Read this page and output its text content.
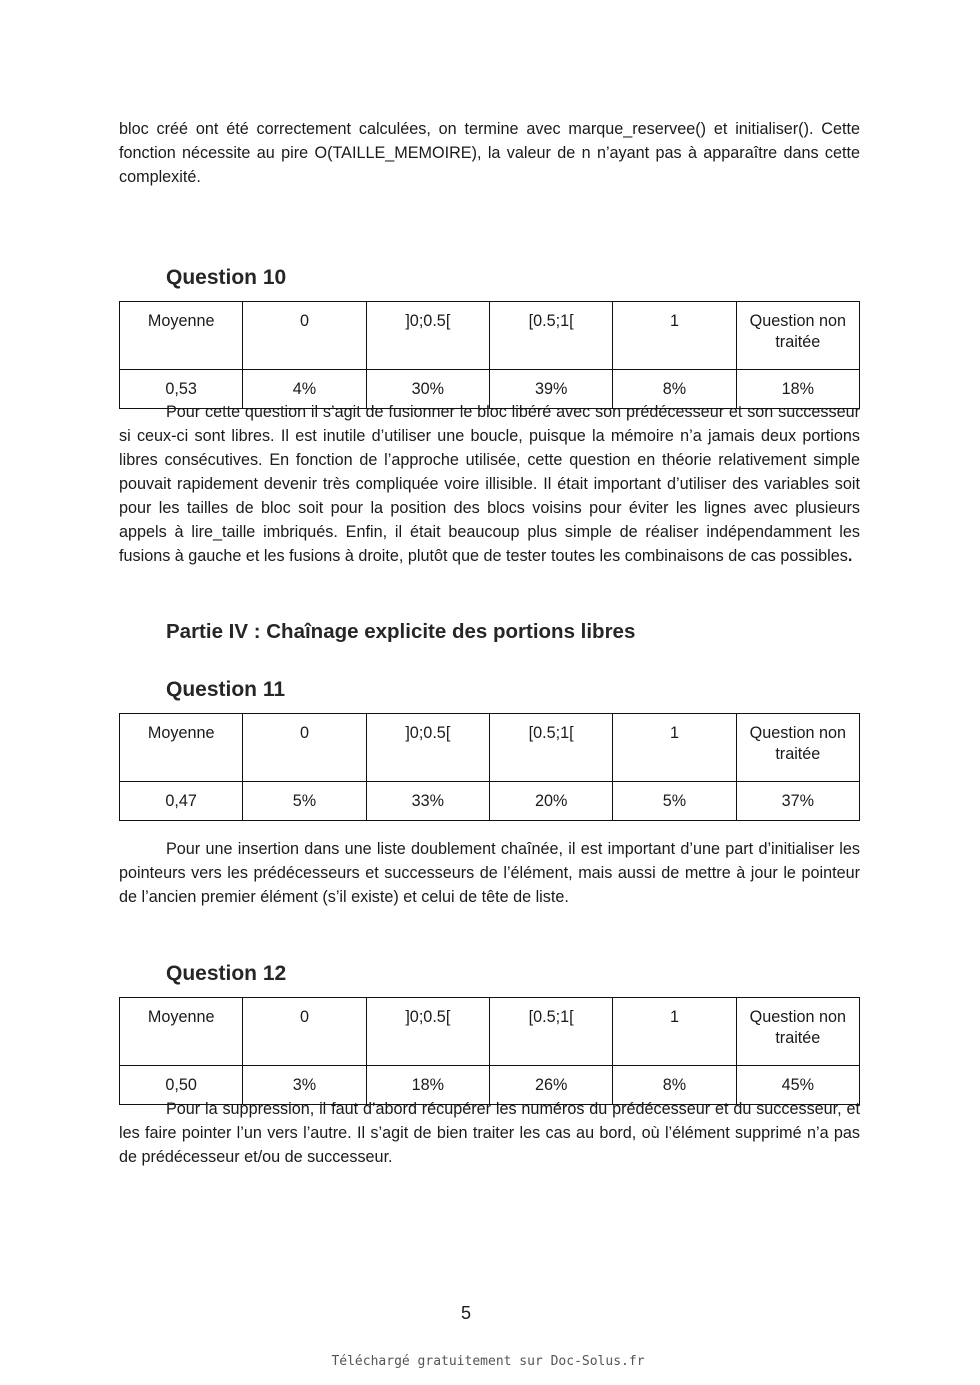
bloc créé ont été correctement calculées, on termine avec marque_reservee() et initialiser(). Cette fonction nécessite au pire O(TAILLE_MEMOIRE), la valeur de n n’ayant pas à apparaître dans cette complexité.

Question 10
Moyenne	0	]0;0.5[	[0.5;1[	1	Question non traitée
0,53	4%	30%	39%	8%	18%

Pour cette question il s’agit de fusionner le bloc libéré avec son prédécesseur et son successeur si ceux-ci sont libres. Il est inutile d’utiliser une boucle, puisque la mémoire n’a jamais deux portions libres consécutives. En fonction de l’approche utilisée, cette question en théorie relativement simple pouvait rapidement devenir très compliquée voire illisible. Il était important d’utiliser des variables soit pour les tailles de bloc soit pour la position des blocs voisins pour éviter les lignes avec plusieurs appels à lire_taille imbriqués. Enfin, il était beaucoup plus simple de réaliser indépendamment les fusions à gauche et les fusions à droite, plutôt que de tester toutes les combinaisons de cas possibles.

Partie IV : Chaînage explicite des portions libres
Question 11
Moyenne	0	]0;0.5[	[0.5;1[	1	Question non traitée
0,47	5%	33%	20%	5%	37%

Pour une insertion dans une liste doublement chaînée, il est important d’une part d’initialiser les pointeurs vers les prédécesseurs et successeurs de l’élément, mais aussi de mettre à jour le pointeur de l’ancien premier élément (s’il existe) et celui de tête de liste.

Question 12
Moyenne	0	]0;0.5[	[0.5;1[	1	Question non traitée
0,50	3%	18%	26%	8%	45%

Pour la suppression, il faut d’abord récupérer les numéros du prédécesseur et du successeur, et les faire pointer l’un vers l’autre. Il s’agit de bien traiter les cas au bord, où l’élément supprimé n’a pas de prédécesseur et/ou de successeur.

5
Téléchargé gratuitement sur Doc-Solus.fr
